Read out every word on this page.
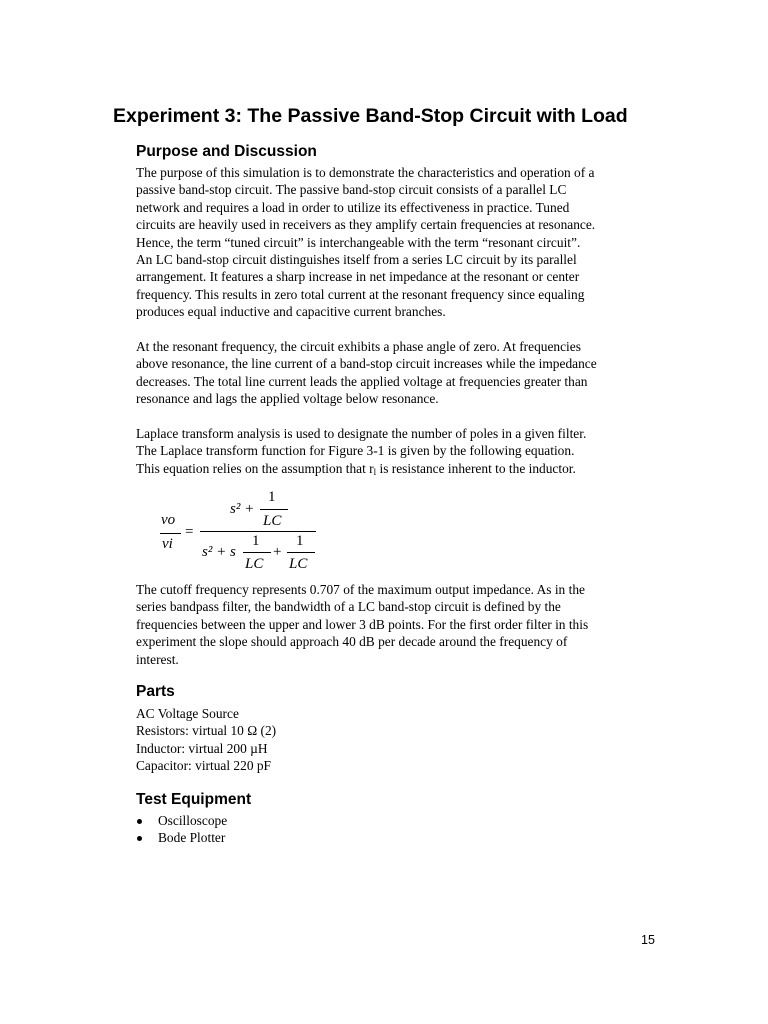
Experiment 3: The Passive Band-Stop Circuit with Load
Purpose and Discussion
The purpose of this simulation is to demonstrate the characteristics and operation of a
passive band-stop circuit. The passive band-stop circuit consists of a parallel LC
network and requires a load in order to utilize its effectiveness in practice. Tuned
circuits are heavily used in receivers as they amplify certain frequencies at resonance.
Hence, the term “tuned circuit” is interchangeable with the term “resonant circuit”.
An LC band-stop circuit distinguishes itself from a series LC circuit by its parallel
arrangement. It features a sharp increase in net impedance at the resonant or center
frequency. This results in zero total current at the resonant frequency since equaling
produces equal inductive and capacitive current branches.
At the resonant frequency, the circuit exhibits a phase angle of zero. At frequencies
above resonance, the line current of a band-stop circuit increases while the impedance
decreases. The total line current leads the applied voltage at frequencies greater than
resonance and lags the applied voltage below resonance.
Laplace transform analysis is used to designate the number of poles in a given filter.
The Laplace transform function for Figure 3-1 is given by the following equation.
This equation relies on the assumption that $r_l$ is resistance inherent to the inductor.
vo
vi
=
s² +
1
LC
s² + s
1
LC
+
1
LC
The cutoff frequency represents 0.707 of the maximum output impedance. As in the
series bandpass filter, the bandwidth of a LC band-stop circuit is defined by the
frequencies between the upper and lower 3 dB points. For the first order filter in this
experiment the slope should approach 40 dB per decade around the frequency of
interest.
Parts
AC Voltage Source
Resistors: virtual 10 Ω (2)
Inductor: virtual 200 µH
Capacitor: virtual 220 pF
Test Equipment
Oscilloscope
Bode Plotter
15
